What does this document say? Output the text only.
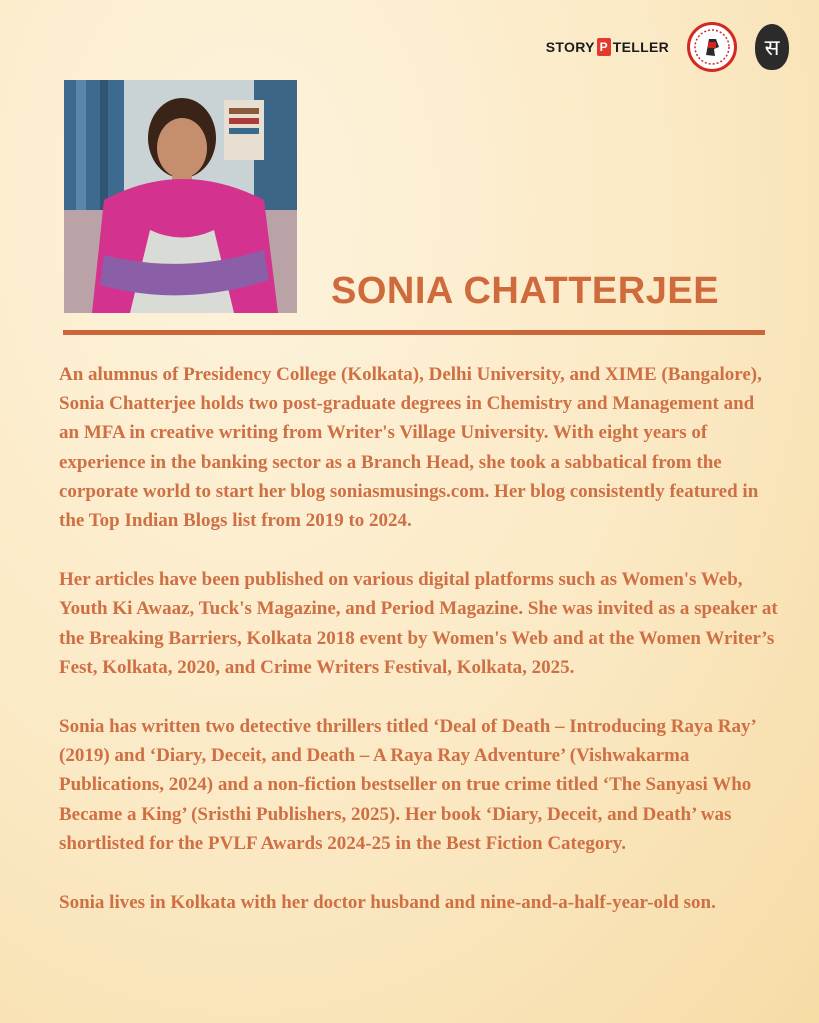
STORY P TELLER	स
SONIA CHATTERJEE

An alumnus of Presidency College (Kolkata), Delhi University, and XIME (Bangalore), Sonia Chatterjee holds two post-graduate degrees in Chemistry and Management and an MFA in creative writing from Writer's Village University. With eight years of experience in the banking sector as a Branch Head, she took a sabbatical from the corporate world to start her blog soniasmusings.com. Her blog consistently featured in the Top Indian Blogs list from 2019 to 2024.

Her articles have been published on various digital platforms such as Women's Web, Youth Ki Awaaz, Tuck's Magazine, and Period Magazine. She was invited as a speaker at the Breaking Barriers, Kolkata 2018 event by Women's Web and at the Women Writer’s Fest, Kolkata, 2020, and Crime Writers Festival, Kolkata, 2025.

Sonia has written two detective thrillers titled ‘Deal of Death – Introducing Raya Ray’ (2019) and ‘Diary, Deceit, and Death – A Raya Ray Adventure’ (Vishwakarma Publications, 2024) and a non-fiction bestseller on true crime titled ‘The Sanyasi Who Became a King’ (Sristhi Publishers, 2025). Her book ‘Diary, Deceit, and Death’ was shortlisted for the PVLF Awards 2024-25 in the Best Fiction Category.

Sonia lives in Kolkata with her doctor husband and nine-and-a-half-year-old son.
